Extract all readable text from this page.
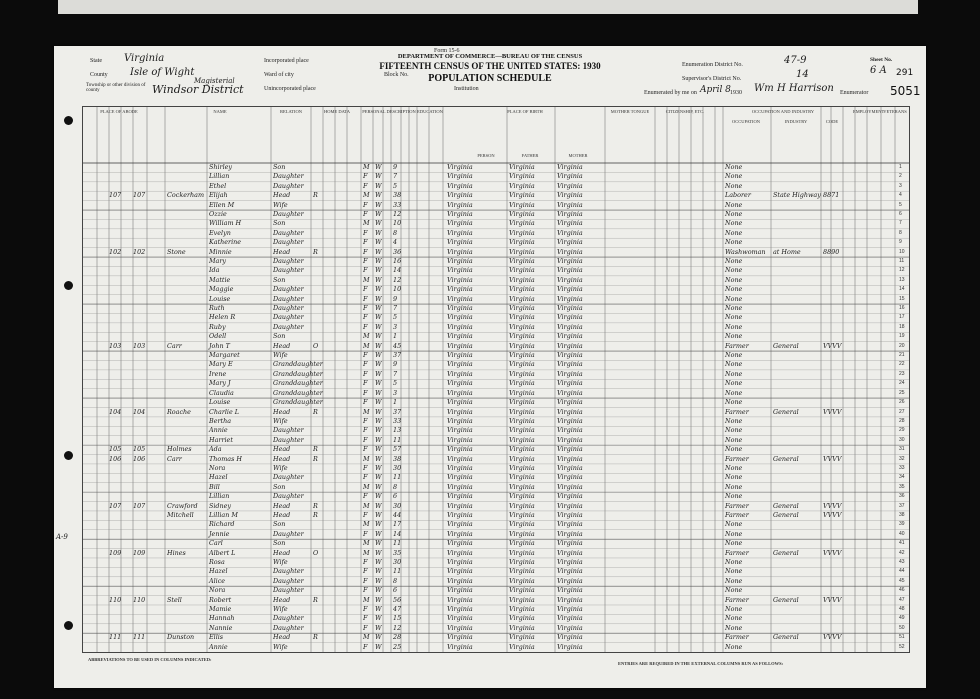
Form 15-6
DEPARTMENT OF COMMERCE—BUREAU OF THE CENSUS
FIFTEENTH CENSUS OF THE UNITED STATES: 1930
POPULATION SCHEDULE
State Virginia
County Isle of Wight
Township or other division of county
Magisterial
Windsor District
Incorporated place
Ward of city	Block No.
Unincorporated place	Institution
Enumeration District No.	47-9
Supervisor's District No.	14
Sheet No.
6 A 291
5051
Enumerated by me on April 8 1930 Wm H Harrison Enumerator
PLACE OF ABODE	NAME	RELATION	HOME DATA	PERSONAL DESCRIPTION EDUCATION	PLACE OF BIRTH
PERSON	FATHER	MOTHER
MOTHER TONGUE	CITIZENSHIP, ETC.	OCCUPATION AND INDUSTRY
OCCUPATION	INDUSTRY	CODE
EMPLOYMENT VETERANS
1
Shirley	Son	M W 9	Virginia	Virginia	Virginia	None
2
Lillian	Daughter	F	W 7	Virginia	Virginia	Virginia	None
3
Ethel	Daughter	F	W 5	Virginia	Virginia	Virginia	None
4
107 107	Cockerham Elijah	Head	R	M W 38	Virginia	Virginia	Virginia	Laborer	State Highway 8871
5
Ellen M	Wife	F	W 33	Virginia	Virginia	Virginia	None
6
Ozzie	Daughter	F	W 12	Virginia	Virginia	Virginia	None
7
William H	Son	M W 10	Virginia	Virginia	Virginia	None
8
Evelyn	Daughter	F	W 8	Virginia	Virginia	Virginia	None
9
Katherine	Daughter	F	W 4	Virginia	Virginia	Virginia	None
10
102 102	Stone	Minnie	Head	R	F	W 36	Virginia	Virginia	Virginia	Washwoman	at Home	8890
11
Mary	Daughter	F	W 16	Virginia	Virginia	Virginia	None
12
Ida	Daughter	F	W 14	Virginia	Virginia	Virginia	None
13
Mattie	Son	M W 12	Virginia	Virginia	Virginia	None
14
Maggie	Daughter	F	W 10	Virginia	Virginia	Virginia	None
15
Louise	Daughter	F	W 9	Virginia	Virginia	Virginia	None
16
Ruth	Daughter	F	W 7	Virginia	Virginia	Virginia	None
17
Helen R	Daughter	F	W 5	Virginia	Virginia	Virginia	None
18
Ruby	Daughter	F	W 3	Virginia	Virginia	Virginia	None
19
Odell	Son	M W 1	Virginia	Virginia	Virginia	None
20
103 103	Carr	John T	Head	O	M W 45	Virginia	Virginia	Virginia	Farmer	General	VVVV
21
Margaret	Wife	F	W 37	Virginia	Virginia	Virginia	None
22
Mary E	Granddaughter	F	W 9	Virginia	Virginia	Virginia	None
23
Irene	Granddaughter	F	W 7	Virginia	Virginia	Virginia	None
24
Mary J	Granddaughter	F	W 5	Virginia	Virginia	Virginia	None
25
Claudia	Granddaughter	F	W 3	Virginia	Virginia	Virginia	None
26
Louise	Granddaughter	F	W 1	Virginia	Virginia	Virginia	None
27
104 104	Roache	Charlie L	Head	R	M W 37	Virginia	Virginia	Virginia	Farmer	General	VVVV
28
Bertha	Wife	F	W 33	Virginia	Virginia	Virginia	None
29
Annie	Daughter	F	W 13	Virginia	Virginia	Virginia	None
30
Harriet	Daughter	F	W 11	Virginia	Virginia	Virginia	None
31
105 105	Holmes	Ada	Head	R	F	W 57	Virginia	Virginia	Virginia	None
32
106 106	Carr	Thomas H	Head	R	M W 38	Virginia	Virginia	Virginia	Farmer	General	VVVV
33
Nora	Wife	F	W 30	Virginia	Virginia	Virginia	None
34
Hazel	Daughter	F	W 11	Virginia	Virginia	Virginia	None
35
Bill	Son	M W 8	Virginia	Virginia	Virginia	None
36
Lillian	Daughter	F	W 6	Virginia	Virginia	Virginia	None
37
107 107	Crawford	Sidney	Head	R	M W 30	Virginia	Virginia	Virginia	Farmer	General	VVVV
38
Mitchell	Lillian M	Head	R	F	W 44	Virginia	Virginia	Virginia	Farmer	General	VVVV
39
Richard	Son	M W 17	Virginia	Virginia	Virginia	None
40
Jennie	Daughter	F	W 14	Virginia	Virginia	Virginia	None
41
Carl	Son	M W 11	Virginia	Virginia	Virginia	None
42
109 109	Hines	Albert L	Head	O	M W 35	Virginia	Virginia	Virginia	Farmer	General	VVVV
43
Rosa	Wife	F	W 30	Virginia	Virginia	Virginia	None
44
Hazel	Daughter	F	W 11	Virginia	Virginia	Virginia	None
45
Alice	Daughter	F	W 8	Virginia	Virginia	Virginia	None
46
Nora	Daughter	F	W 6	Virginia	Virginia	Virginia	None
47
110 110	Stell	Robert	Head	R	M W 56	Virginia	Virginia	Virginia	Farmer	General	VVVV
48
Mamie	Wife	F	W 47	Virginia	Virginia	Virginia	None
49
Hannah	Daughter	F	W 15	Virginia	Virginia	Virginia	None
50
Nannie	Daughter	F	W 12	Virginia	Virginia	Virginia	None
51
111 111	Dunston	Ellis	Head	R	M W 28	Virginia	Virginia	Virginia	Farmer	General	VVVV
52
Annie	Wife	F	W 25	Virginia	Virginia	Virginia	None
A-9
ABBREVIATIONS TO BE USED IN COLUMNS INDICATED:
ENTRIES ARE REQUIRED IN THE EXTERNAL COLUMNS RUN AS FOLLOWS:
